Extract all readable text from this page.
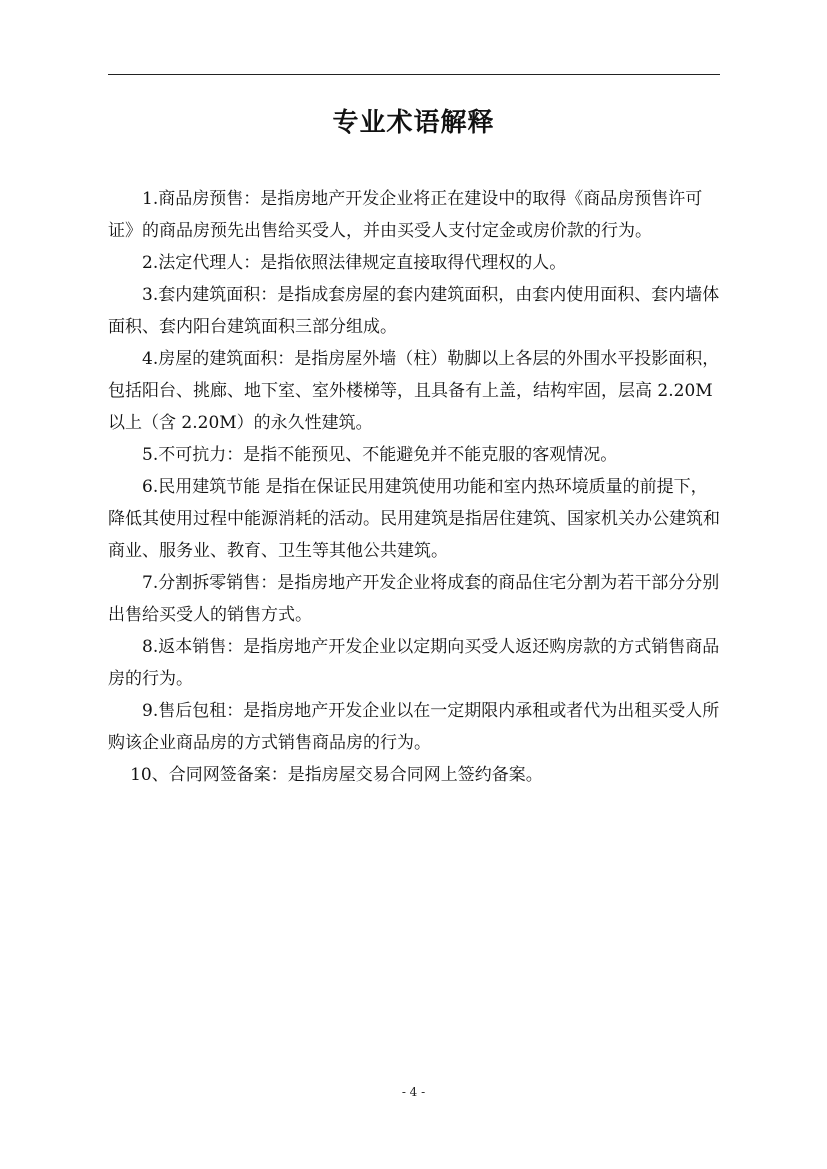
专业术语解释

1.商品房预售：是指房地产开发企业将正在建设中的取得《商品房预售许可证》的商品房预先出售给买受人，并由买受人支付定金或房价款的行为。

2.法定代理人：是指依照法律规定直接取得代理权的人。

3.套内建筑面积：是指成套房屋的套内建筑面积，由套内使用面积、套内墙体面积、套内阳台建筑面积三部分组成。

4.房屋的建筑面积：是指房屋外墙（柱）勒脚以上各层的外围水平投影面积，包括阳台、挑廊、地下室、室外楼梯等，且具备有上盖，结构牢固，层高 2.20M 以上（含 2.20M）的永久性建筑。

5.不可抗力：是指不能预见、不能避免并不能克服的客观情况。

6.民用建筑节能 是指在保证民用建筑使用功能和室内热环境质量的前提下，降低其使用过程中能源消耗的活动。民用建筑是指居住建筑、国家机关办公建筑和商业、服务业、教育、卫生等其他公共建筑。

7.分割拆零销售：是指房地产开发企业将成套的商品住宅分割为若干部分分别出售给买受人的销售方式。

8.返本销售：是指房地产开发企业以定期向买受人返还购房款的方式销售商品房的行为。

9.售后包租：是指房地产开发企业以在一定期限内承租或者代为出租买受人所购该企业商品房的方式销售商品房的行为。

10、合同网签备案：是指房屋交易合同网上签约备案。

- 4 -
